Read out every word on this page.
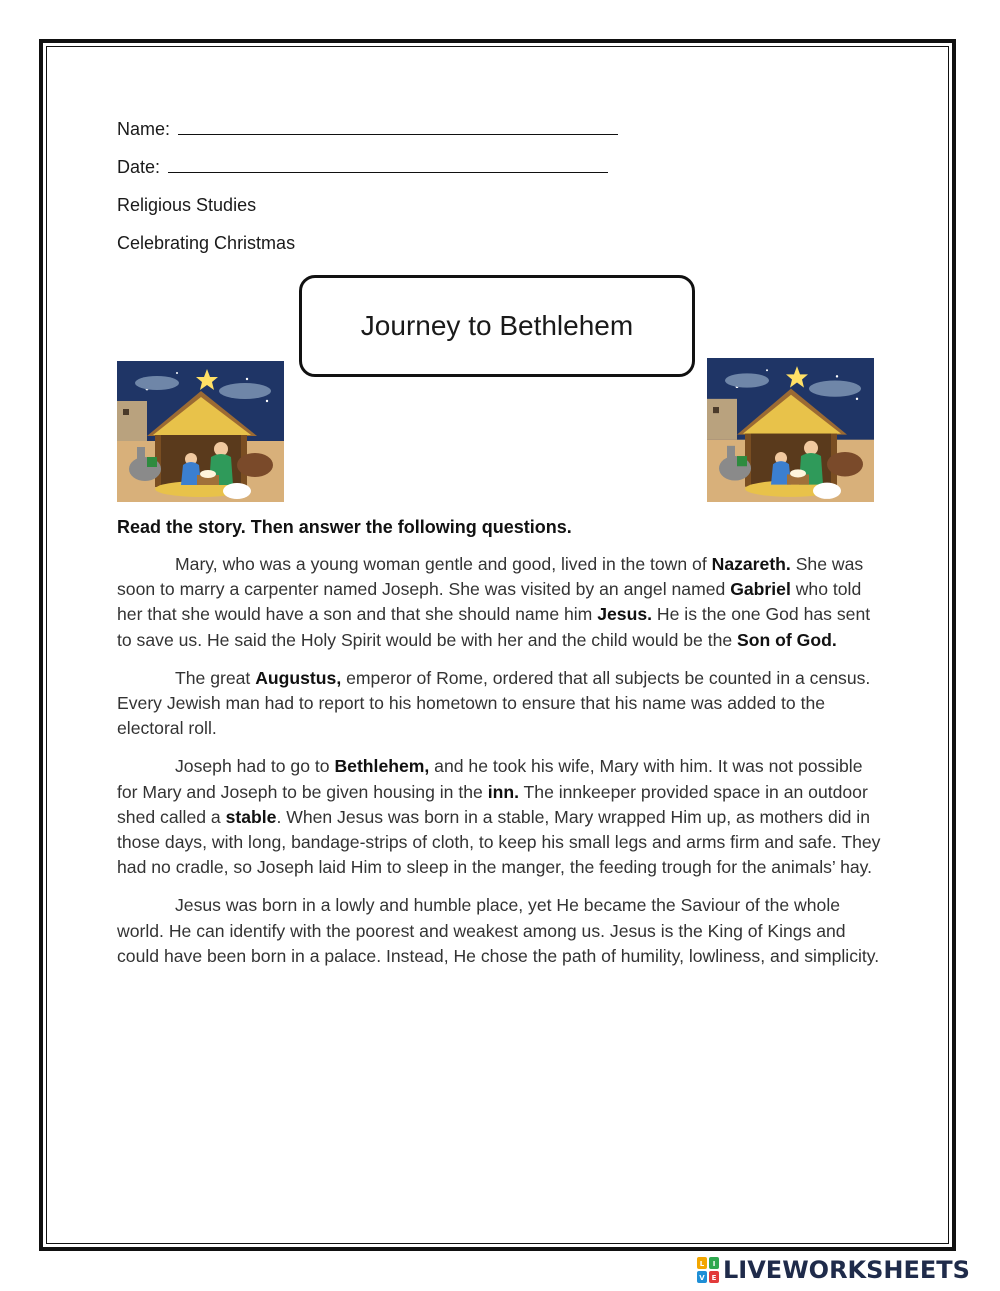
Name:
Date:
Religious Studies
Celebrating Christmas
Journey to Bethlehem
Read the story. Then answer the following questions.

Mary, who was a young woman gentle and good, lived in the town of Nazareth. She was soon to marry a carpenter named Joseph. She was visited by an angel named Gabriel who told her that she would have a son and that she should name him Jesus. He is the one God has sent to save us. He said the Holy Spirit would be with her and the child would be the Son of God.

The great Augustus, emperor of Rome, ordered that all subjects be counted in a census. Every Jewish man had to report to his hometown to ensure that his name was added to the electoral roll.

Joseph had to go to Bethlehem, and he took his wife, Mary with him. It was not possible for Mary and Joseph to be given housing in the inn. The innkeeper provided space in an outdoor shed called a stable. When Jesus was born in a stable, Mary wrapped Him up, as mothers did in those days, with long, bandage-strips of cloth, to keep his small legs and arms firm and safe. They had no cradle, so Joseph laid Him to sleep in the manger, the feeding trough for the animals’ hay.

Jesus was born in a lowly and humble place, yet He became the Saviour of the whole world. He can identify with the poorest and weakest among us. Jesus is the King of Kings and could have been born in a palace. Instead, He chose the path of humility, lowliness, and simplicity.

L I
V E LIVEWORKSHEETS
